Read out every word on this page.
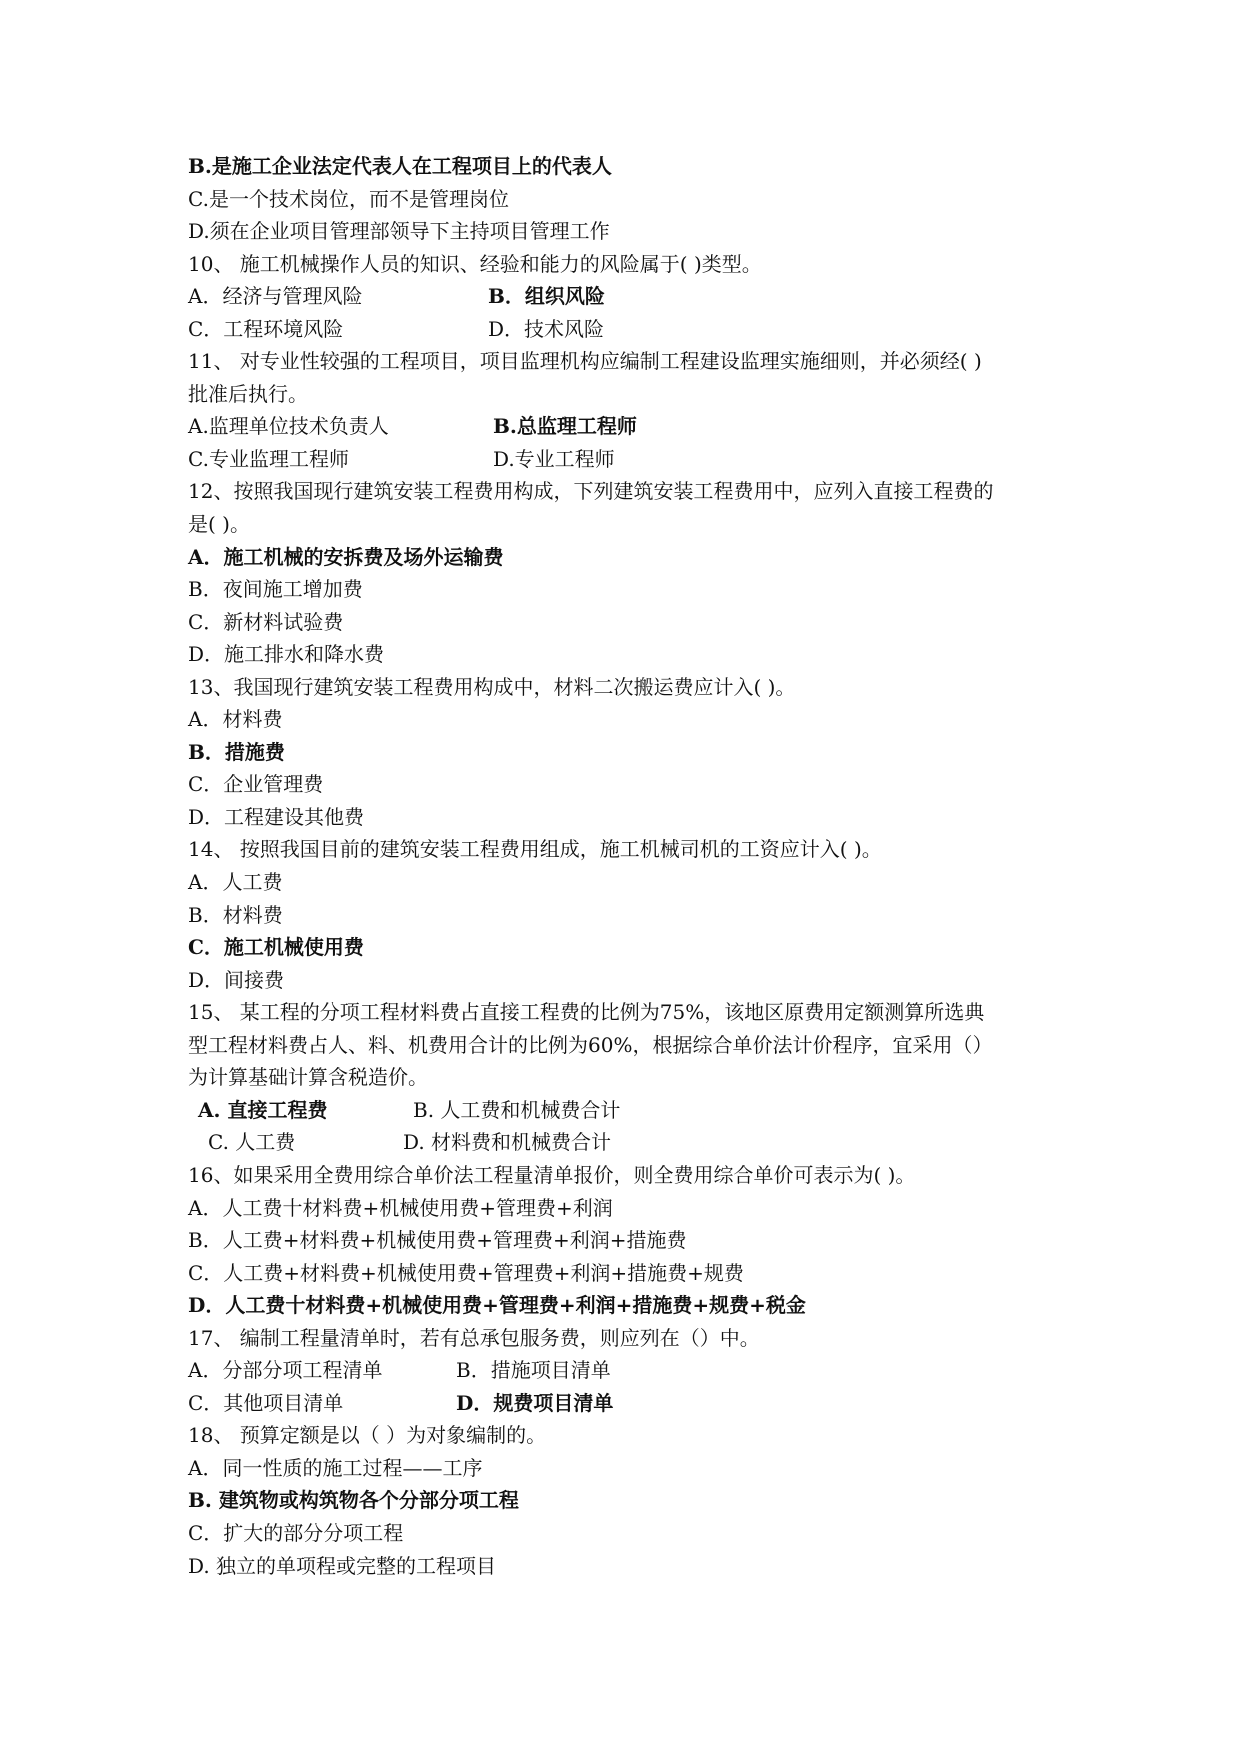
B.是施工企业法定代表人在工程项目上的代表人
C.是一个技术岗位，而不是管理岗位
D.须在企业项目管理部领导下主持项目管理工作
10、 施工机械操作人员的知识、经验和能力的风险属于( )类型。
A．经济与管理风险	B．组织风险
C．工程环境风险	D．技术风险
11、 对专业性较强的工程项目，项目监理机构应编制工程建设监理实施细则，并必须经( )
批准后执行。
A.监理单位技术负责人	B.总监理工程师
C.专业监理工程师	D.专业工程师
12、按照我国现行建筑安装工程费用构成，下列建筑安装工程费用中，应列入直接工程费的
是( )。
A．施工机械的安拆费及场外运输费
B．夜间施工增加费
C．新材料试验费
D．施工排水和降水费
13、我国现行建筑安装工程费用构成中，材料二次搬运费应计入( )。
A．材料费
B．措施费
C．企业管理费
D．工程建设其他费
14、 按照我国目前的建筑安装工程费用组成，施工机械司机的工资应计入( )。
A．人工费
B．材料费
C．施工机械使用费
D．间接费
15、 某工程的分项工程材料费占直接工程费的比例为75%，该地区原费用定额测算所选典
型工程材料费占人、料、机费用合计的比例为60%，根据综合单价法计价程序，宜采用（）
为计算基础计算含税造价。
A. 直接工程费	B. 人工费和机械费合计
C. 人工费	D. 材料费和机械费合计
16、如果采用全费用综合单价法工程量清单报价，则全费用综合单价可表示为( )。
A．人工费十材料费+机械使用费+管理费+利润
B．人工费+材料费+机械使用费+管理费+利润+措施费
C．人工费+材料费+机械使用费+管理费+利润+措施费+规费
D．人工费十材料费+机械使用费+管理费+利润+措施费+规费+税金
17、 编制工程量清单时，若有总承包服务费，则应列在（）中。
A．分部分项工程清单	B．措施项目清单
C．其他项目清单	D．规费项目清单
18、 预算定额是以（ ）为对象编制的。
A．同一性质的施工过程——工序
B. 建筑物或构筑物各个分部分项工程
C．扩大的部分分项工程
D. 独立的单项程或完整的工程项目
